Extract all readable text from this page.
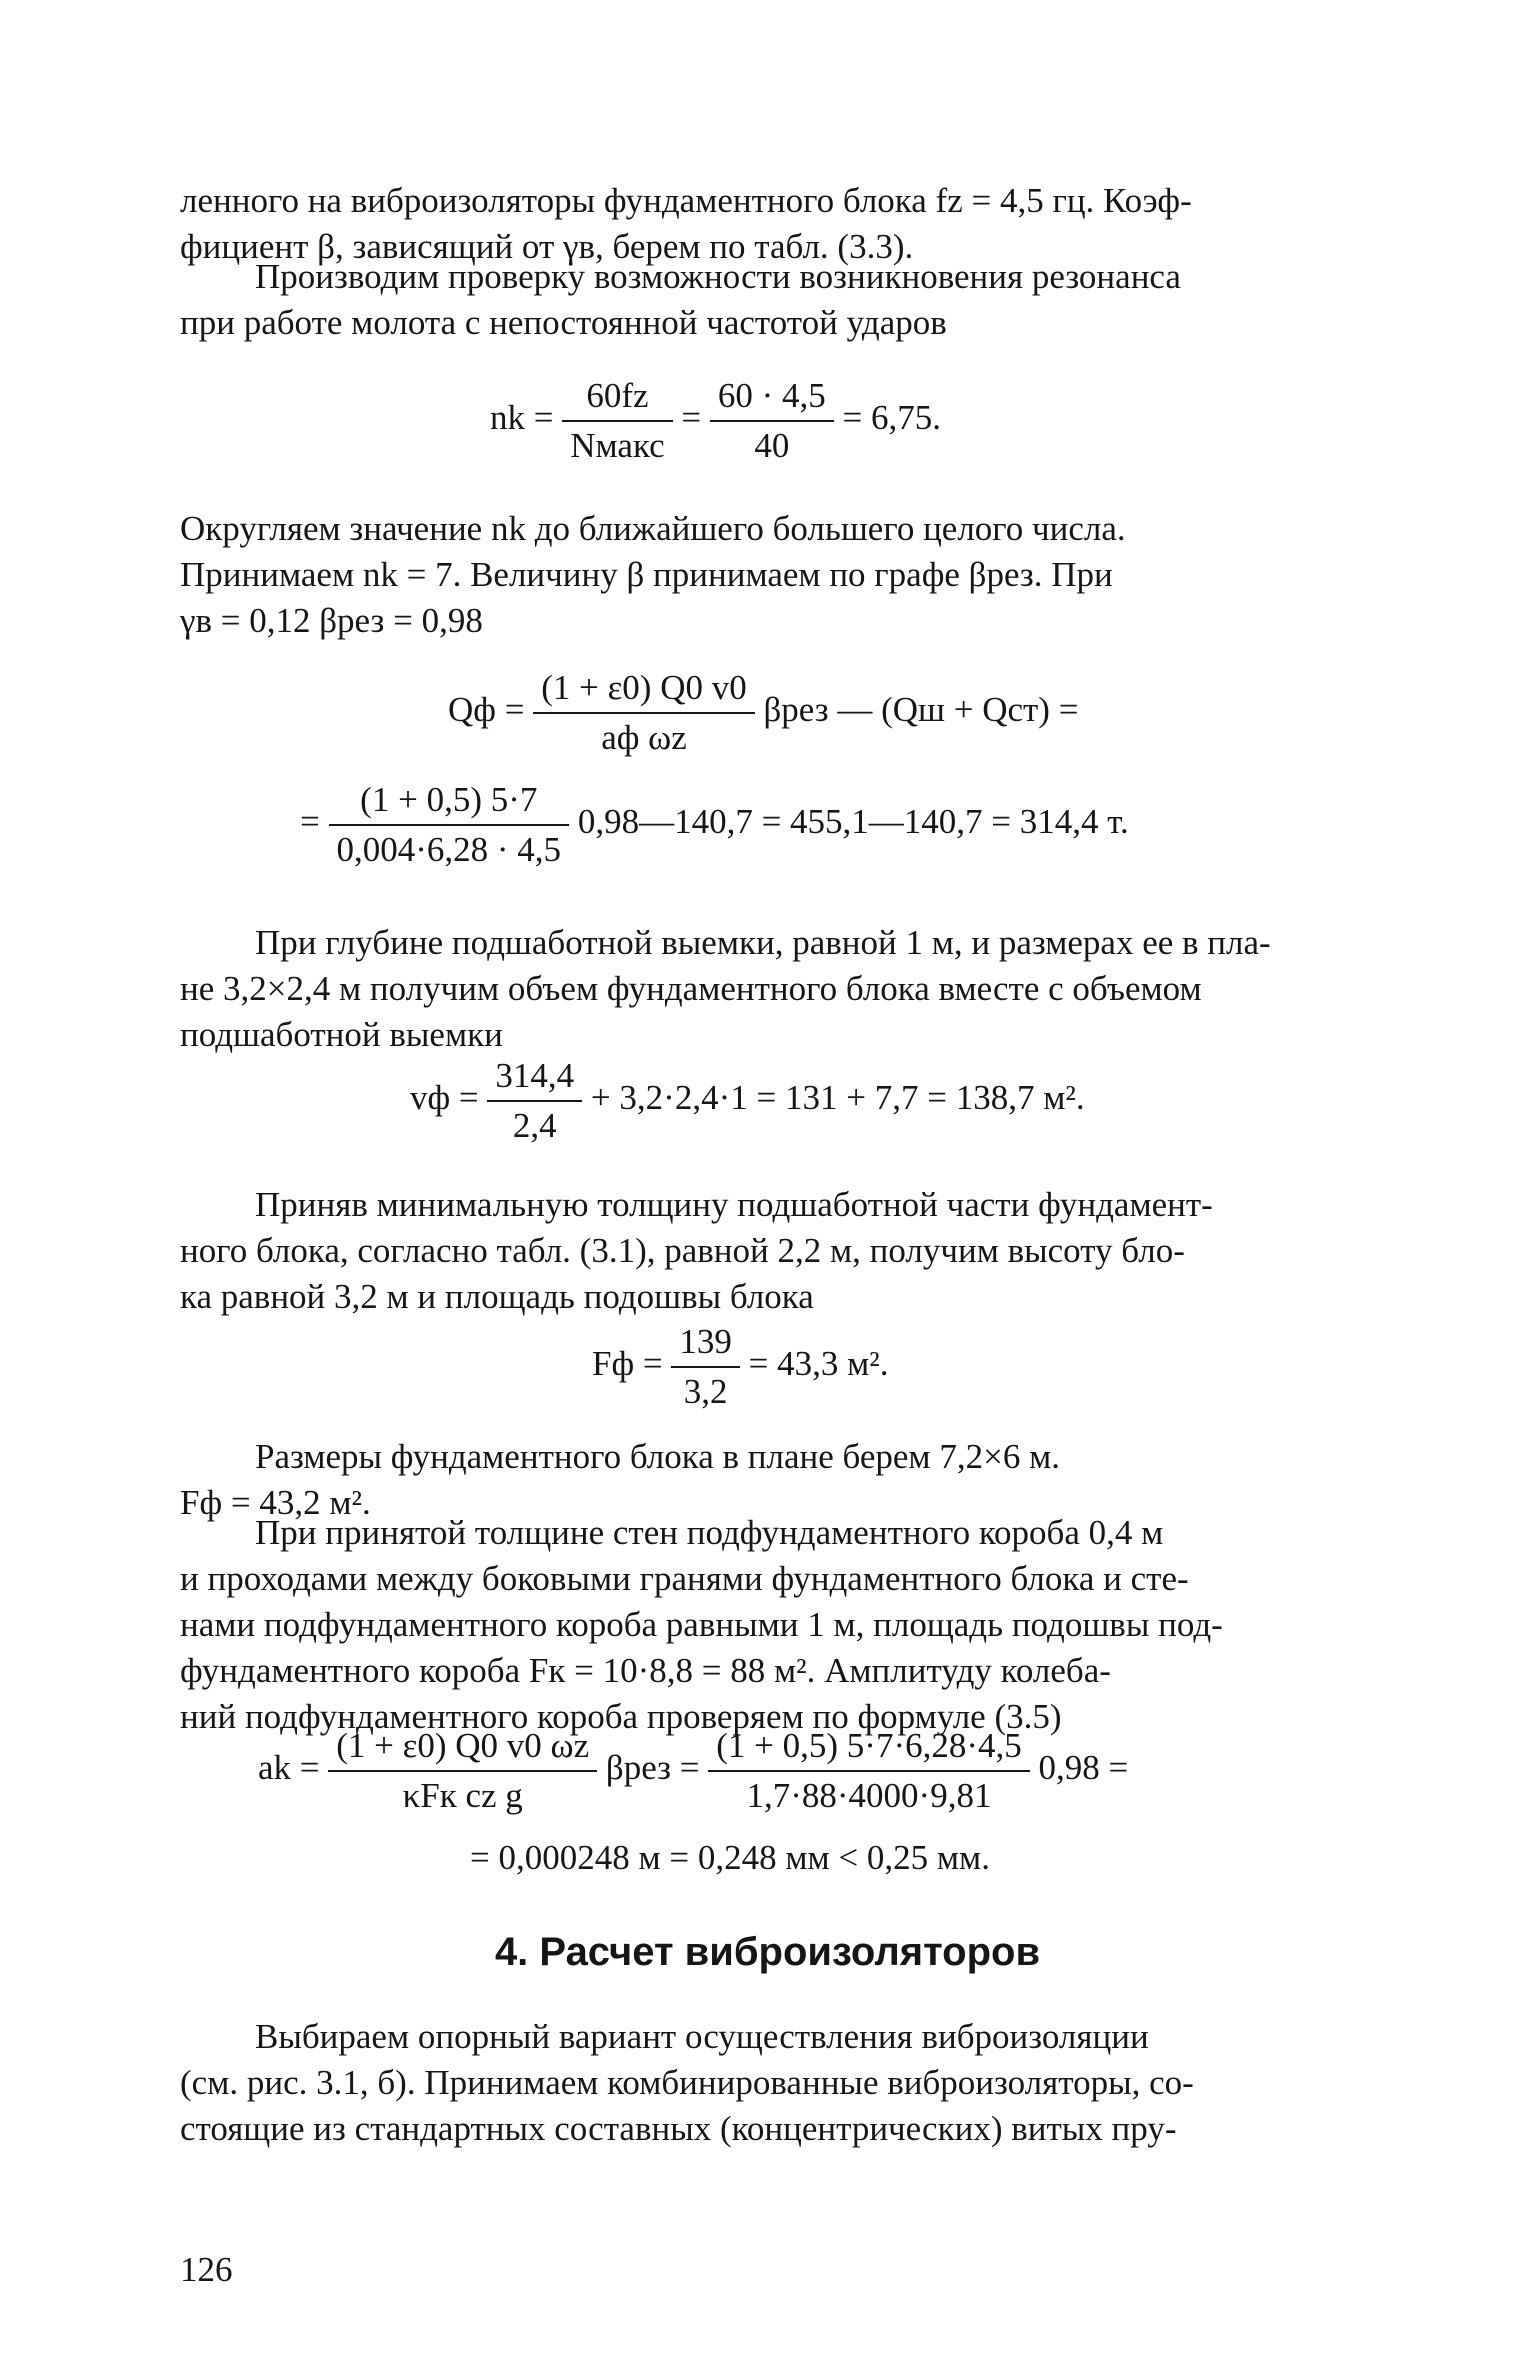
ленного на виброизоляторы фундаментного блока fz = 4,5 гц. Коэф-
фициент β, зависящий от γв, берем по табл. (3.3).
Производим проверку возможности возникновения резонанса
при работе молота с непостоянной частотой ударов
nk = $\frac{60fz}{\text{Nмакс}} = \frac{60 \cdot 4,5}{40} = 6,75$.
Округляем значение nk до ближайшего большего целого числа.
Принимаем nk = 7. Величину β принимаем по графе βрез. При
γв = 0,12 βрез = 0,98
Qф = $\frac{(1 + \varepsilon 0) Q0 v0}{\text{aф ωz}}$ βрез — (Qш + Qст) =
= $\frac{(1 + 0,5) 5\cdot 7}{0,004\cdot 6,28 \cdot 4,5}$ 0,98—140,7 = 455,1—140,7 = 314,4 т.
При глубине подшаботной выемки, равной 1 м, и размерах ее в пла-
не 3,2×2,4 м получим объем фундаментного блока вместе с объемом
подшаботной выемки
vф = $\frac{314,4}{2,4} + 3,2\cdot 2,4\cdot 1 = 131 + 7,7 = 138,7$ м².
Приняв минимальную толщину подшаботной части фундамент-
ного блока, согласно табл. (3.1), равной 2,2 м, получим высоту бло-
ка равной 3,2 м и площадь подошвы блока
Fф = $\frac{139}{3,2} = 43,3$ м².
Размеры фундаментного блока в плане берем 7,2×6 м.
Fф = 43,2 м².
При принятой толщине стен подфундаментного короба 0,4 м
и проходами между боковыми гранями фундаментного блока и сте-
нами подфундаментного короба равными 1 м, площадь подошвы под-
фундаментного короба Fк = 10·8,8 = 88 м². Амплитуду колеба-
ний подфундаментного короба проверяем по формуле (3.5)
ak = $\frac{(1 + \varepsilon 0) Q0 v0 \omega z}{\text{κFк cz g}}$ $\beta рез = \frac{(1 + 0,5) 5\cdot 7\cdot 6,28\cdot 4,5}{1,7\cdot 88\cdot 4000\cdot 9,81} 0,98$ =
= 0,000248 м = 0,248 мм < 0,25 мм.
4. Расчет виброизоляторов
Выбираем опорный вариант осуществления виброизоляции
(см. рис. 3.1, б). Принимаем комбинированные виброизоляторы, со-
стоящие из стандартных составных (концентрических) витых пру-
126
